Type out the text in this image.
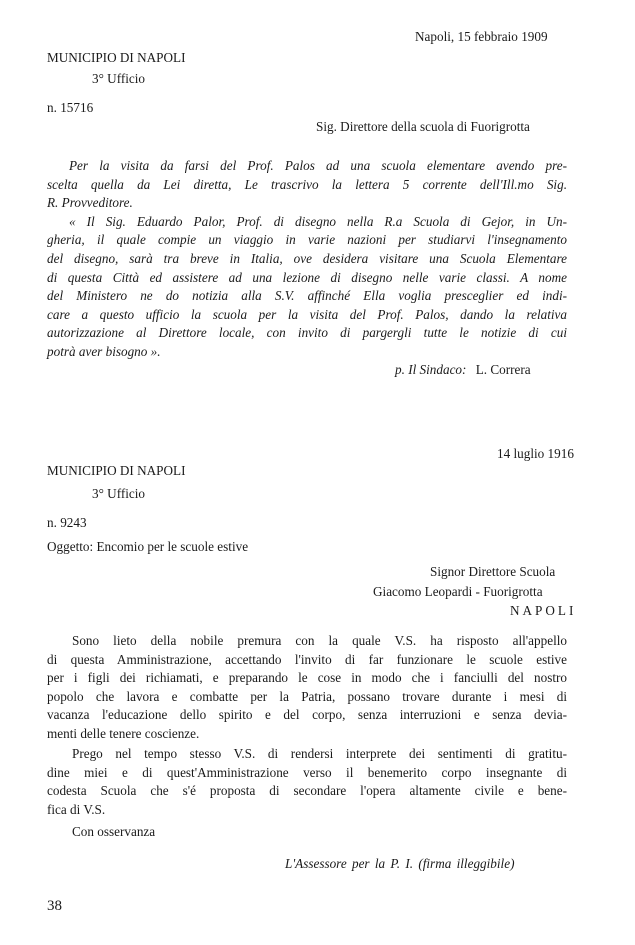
Napoli, 15 febbraio 1909
MUNICIPIO DI NAPOLI
3° Ufficio
n. 15716
Sig. Direttore della scuola di Fuorigrotta
Per la visita da farsi del Prof. Palos ad una scuola elementare avendo pre-
scelta quella da Lei diretta, Le trascrivo la lettera 5 corrente dell'Ill.mo Sig.
R. Provveditore.
« Il Sig. Eduardo Palor, Prof. di disegno nella R.a Scuola di Gejor, in Un-
gheria, il quale compie un viaggio in varie nazioni per studiarvi l'insegnamento
del disegno, sarà tra breve in Italia, ove desidera visitare una Scuola Elementare
di questa Città ed assistere ad una lezione di disegno nelle varie classi. A nome
del Ministero ne do notizia alla S.V. affinché Ella voglia presceglier ed indi-
care a questo ufficio la scuola per la visita del Prof. Palos, dando la relativa
autorizzazione al Direttore locale, con invito di pargergli tutte le notizie di cui
potrà aver bisogno ».
p. Il Sindaco: L. Correra
14 luglio 1916
MUNICIPIO DI NAPOLI
3° Ufficio
n. 9243
Oggetto: Encomio per le scuole estive
Signor Direttore Scuola
Giacomo Leopardi - Fuorigrotta
NAPOLI
Sono lieto della nobile premura con la quale V.S. ha risposto all'appello
di questa Amministrazione, accettando l'invito di far funzionare le scuole estive
per i figli dei richiamati, e preparando le cose in modo che i fanciulli del nostro
popolo che lavora e combatte per la Patria, possano trovare durante i mesi di
vacanza l'educazione dello spirito e del corpo, senza interruzioni e senza devia-
menti delle tenere coscienze.
Prego nel tempo stesso V.S. di rendersi interprete dei sentimenti di gratitu-
dine miei e di quest'Amministrazione verso il benemerito corpo insegnante di
codesta Scuola che s'é proposta di secondare l'opera altamente civile e bene-
fica di V.S.
Con osservanza
L'Assessore per la P. I. (firma illeggibile)
38
